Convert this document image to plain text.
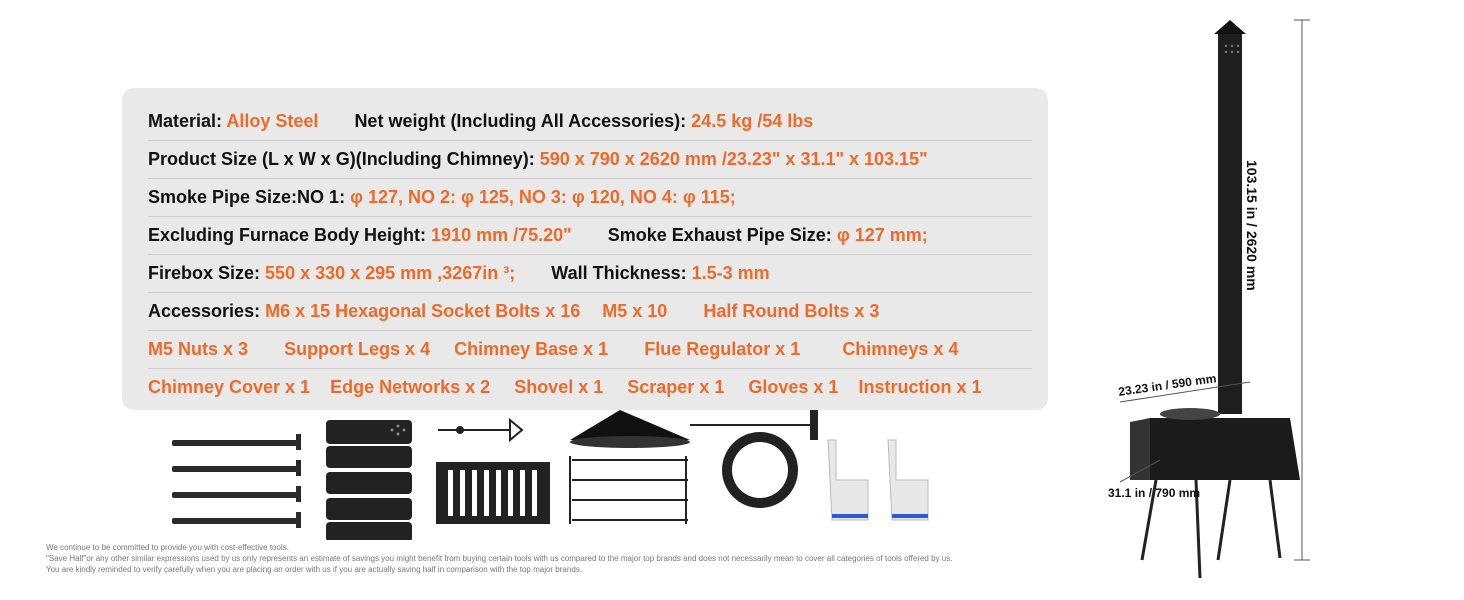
Material: Alloy Steel Net weight (Including All Accessories): 24.5 kg /54 lbs
Product Size (L x W x G)(Including Chimney): 590 x 790 x 2620 mm /23.23" x 31.1" x 103.15"
Smoke Pipe Size:NO 1: φ 127, NO 2: φ 125, NO 3: φ 120, NO 4: φ 115;
Excluding Furnace Body Height: 1910 mm /75.20" Smoke Exhaust Pipe Size: φ 127 mm;
Firebox Size: 550 x 330 x 295 mm ,3267in ³; Wall Thickness: 1.5-3 mm
Accessories: M6 x 15 Hexagonal Socket Bolts x 16 M5 x 10 Half Round Bolts x 3
M5 Nuts x 3 Support Legs x 4 Chimney Base x 1 Flue Regulator x 1 Chimneys x 4
Chimney Cover x 1 Edge Networks x 2 Shovel x 1 Scraper x 1 Gloves x 1 Instruction x 1
We continue to be committed to provide you with cost-effective tools.
"Save Half"or any other similar expressions used by us only represents an estimate of savings you might benefit from buying certain tools with us compared to the major top brands and does not necessarily mean to cover all categories of tools offered by us.
You are kindly reminded to verify carefully when you are placing an order with us if you are actually saving half in comparison with the top major brands.
103.15 in / 2620 mm
23.23 in / 590 mm
31.1 in / 790 mm
